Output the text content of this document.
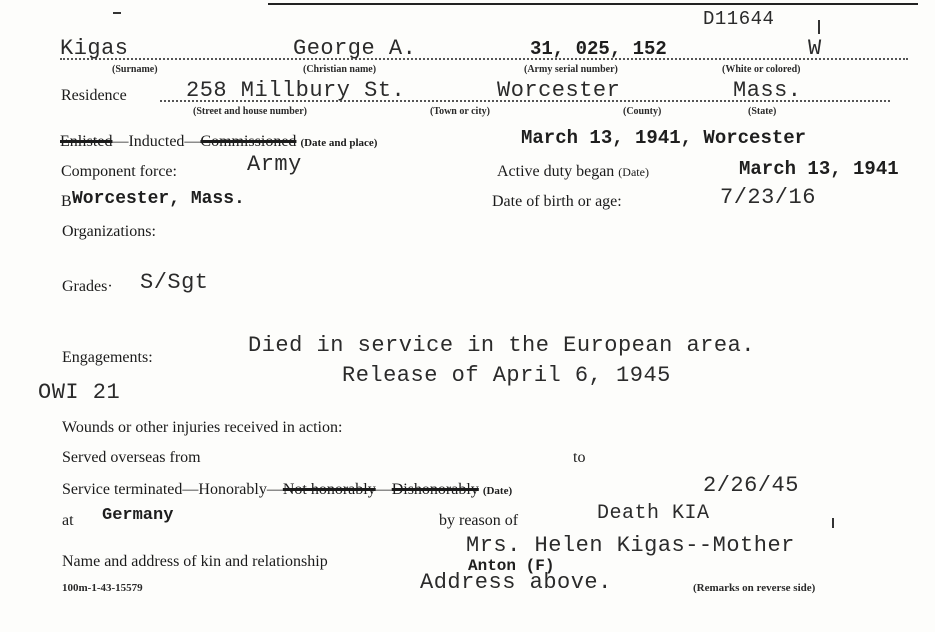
D11644
Kigas	George A.	31, 025, 152	W
(Surname)	(Christian name)	(Army serial number)	(White or colored)
Residence	258 Millbury St.	Worcester	Mass.
(Street and house number)	(Town or city)	(County)	(State)
Enlisted—Inducted—Commissioned (Date and place)	March 13, 1941, Worcester
Component force:	Army	Active duty began (Date)	March 13, 1941
B Worcester, Mass.	Date of birth or age:	7/23/16
Organizations:
Grades· S/Sgt
Died in service in the European area.
Engagements:
Release of April 6, 1945
OWI 21
Wounds or other injuries received in action:
Served overseas from	to
Service terminated—Honorably—Not honorably—Dishonorably (Date)	2/26/45
at Germany	by reason of	Death KIA
Mrs. Helen Kigas--Mother
Name and address of kin and relationship	Anton (F)
Address above.
100m-1-43-15579	(Remarks on reverse side)
